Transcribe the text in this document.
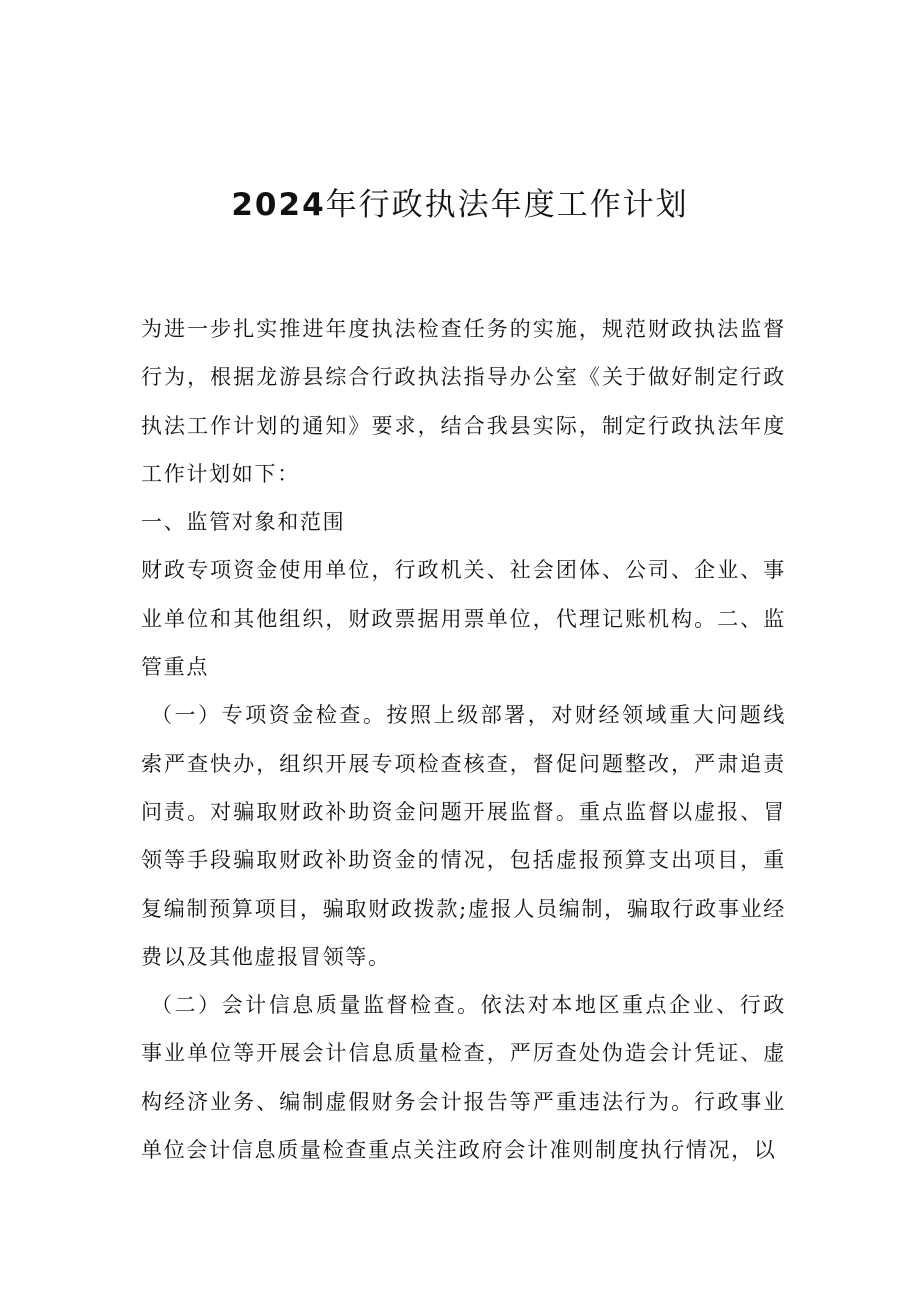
2024年行政执法年度工作计划

为进一步扎实推进年度执法检查任务的实施，规范财政执法监督行为，根据龙游县综合行政执法指导办公室《关于做好制定行政执法工作计划的通知》要求，结合我县实际，制定行政执法年度工作计划如下：

一、监管对象和范围

财政专项资金使用单位，行政机关、社会团体、公司、企业、事业单位和其他组织，财政票据用票单位，代理记账机构。二、监管重点

（一）专项资金检查。按照上级部署，对财经领域重大问题线索严查快办，组织开展专项检查核查，督促问题整改，严肃追责问责。对骗取财政补助资金问题开展监督。重点监督以虚报、冒领等手段骗取财政补助资金的情况，包括虚报预算支出项目，重复编制预算项目，骗取财政拨款;虚报人员编制，骗取行政事业经费以及其他虚报冒领等。

（二）会计信息质量监督检查。依法对本地区重点企业、行政事业单位等开展会计信息质量检查，严厉查处伪造会计凭证、虚构经济业务、编制虚假财务会计报告等严重违法行为。行政事业单位会计信息质量检查重点关注政府会计准则制度执行情况，以
